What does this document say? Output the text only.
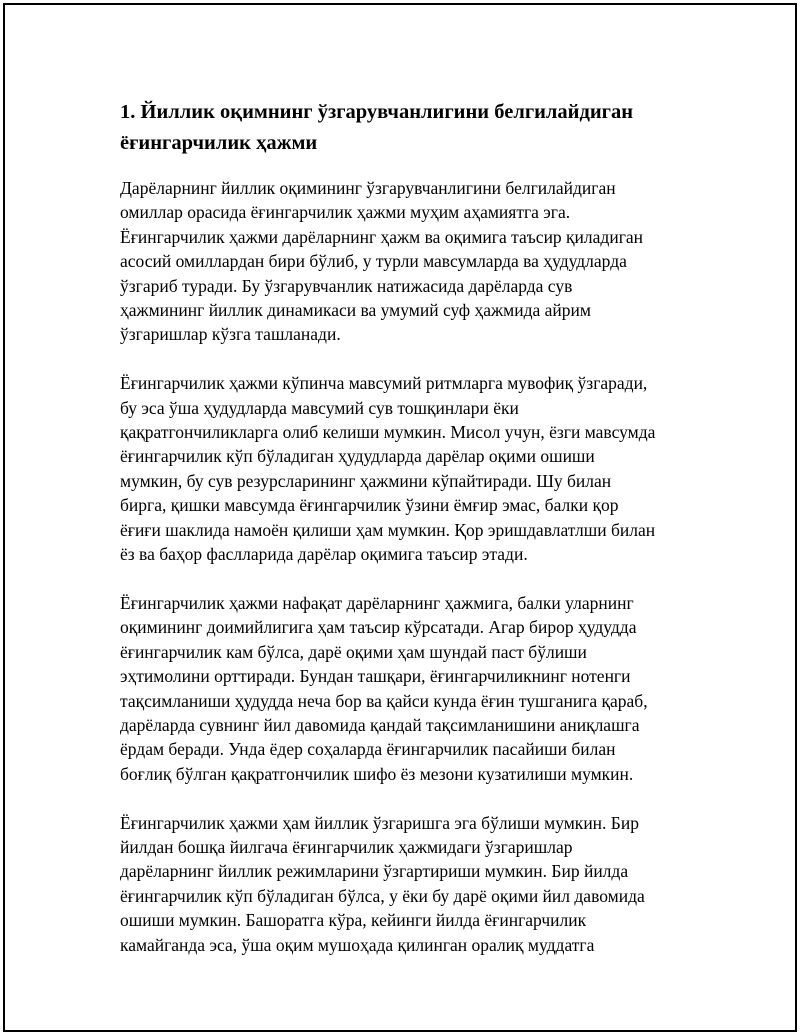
1. Йиллик оқимнинг ўзгарувчанлигини белгилайдиган
ёғингарчилик ҳажми

Дарёларнинг йиллик оқимининг ўзгарувчанлигини белгилайдиган
омиллар орасида ёғингарчилик ҳажми муҳим аҳамиятга эга.
Ёғингарчилик ҳажми дарёларнинг ҳажм ва оқимига таъсир қиладиган
асосий омиллардан бири бўлиб, у турли мавсумларда ва ҳудудларда
ўзгариб туради. Бу ўзгарувчанлик натижасида дарёларда сув
ҳажмининг йиллик динамикаси ва умумий суф ҳажмида айрим
ўзгаришлар кўзга ташланади.

Ёғингарчилик ҳажми кўпинча мавсумий ритмларга мувофиқ ўзгаради,
бу эса ўша ҳудудларда мавсумий сув тошқинлари ёки
қақратгончиликларга олиб келиши мумкин. Мисол учун, ёзги мавсумда
ёғингарчилик кўп бўладиган ҳудудларда дарёлар оқими ошиши
мумкин, бу сув резурсларининг ҳажмини кўпайтиради. Шу билан
бирга, қишки мавсумда ёғингарчилик ўзини ёмғир эмас, балки қор
ёғиғи шаклида намоён қилиши ҳам мумкин. Қор эришдавлатлши билан
ёз ва баҳор фаслларида дарёлар оқимига таъсир этади.

Ёғингарчилик ҳажми нафақат дарёларнинг ҳажмига, балки уларнинг
оқимининг доимийлигига ҳам таъсир кўрсатади. Агар бирор ҳудудда
ёғингарчилик кам бўлса, дарё оқими ҳам шундай паст бўлиши
эҳтимолини орттиради. Бундан ташқари, ёғингарчиликнинг нотенги
тақсимланиши ҳудудда неча бор ва қайси кунда ёғин тушганига қараб,
дарёларда сувнинг йил давомида қандай тақсимланишини аниқлашга
ёрдам беради. Унда ёдер соҳаларда ёғингарчилик пасайиши билан
боғлиқ бўлган қақратгончилик шифо ёз мезони кузатилиши мумкин.

Ёғингарчилик ҳажми ҳам йиллик ўзгаришга эга бўлиши мумкин. Бир
йилдан бошқа йилгача ёғингарчилик ҳажмидаги ўзгаришлар
дарёларнинг йиллик режимларини ўзгартириши мумкин. Бир йилда
ёғингарчилик кўп бўладиган бўлса, у ёки бу дарё оқими йил давомида
ошиши мумкин. Башоратга кўра, кейинги йилда ёғингарчилик
камайганда эса, ўша оқим мушоҳада қилинган оралиқ муддатга
